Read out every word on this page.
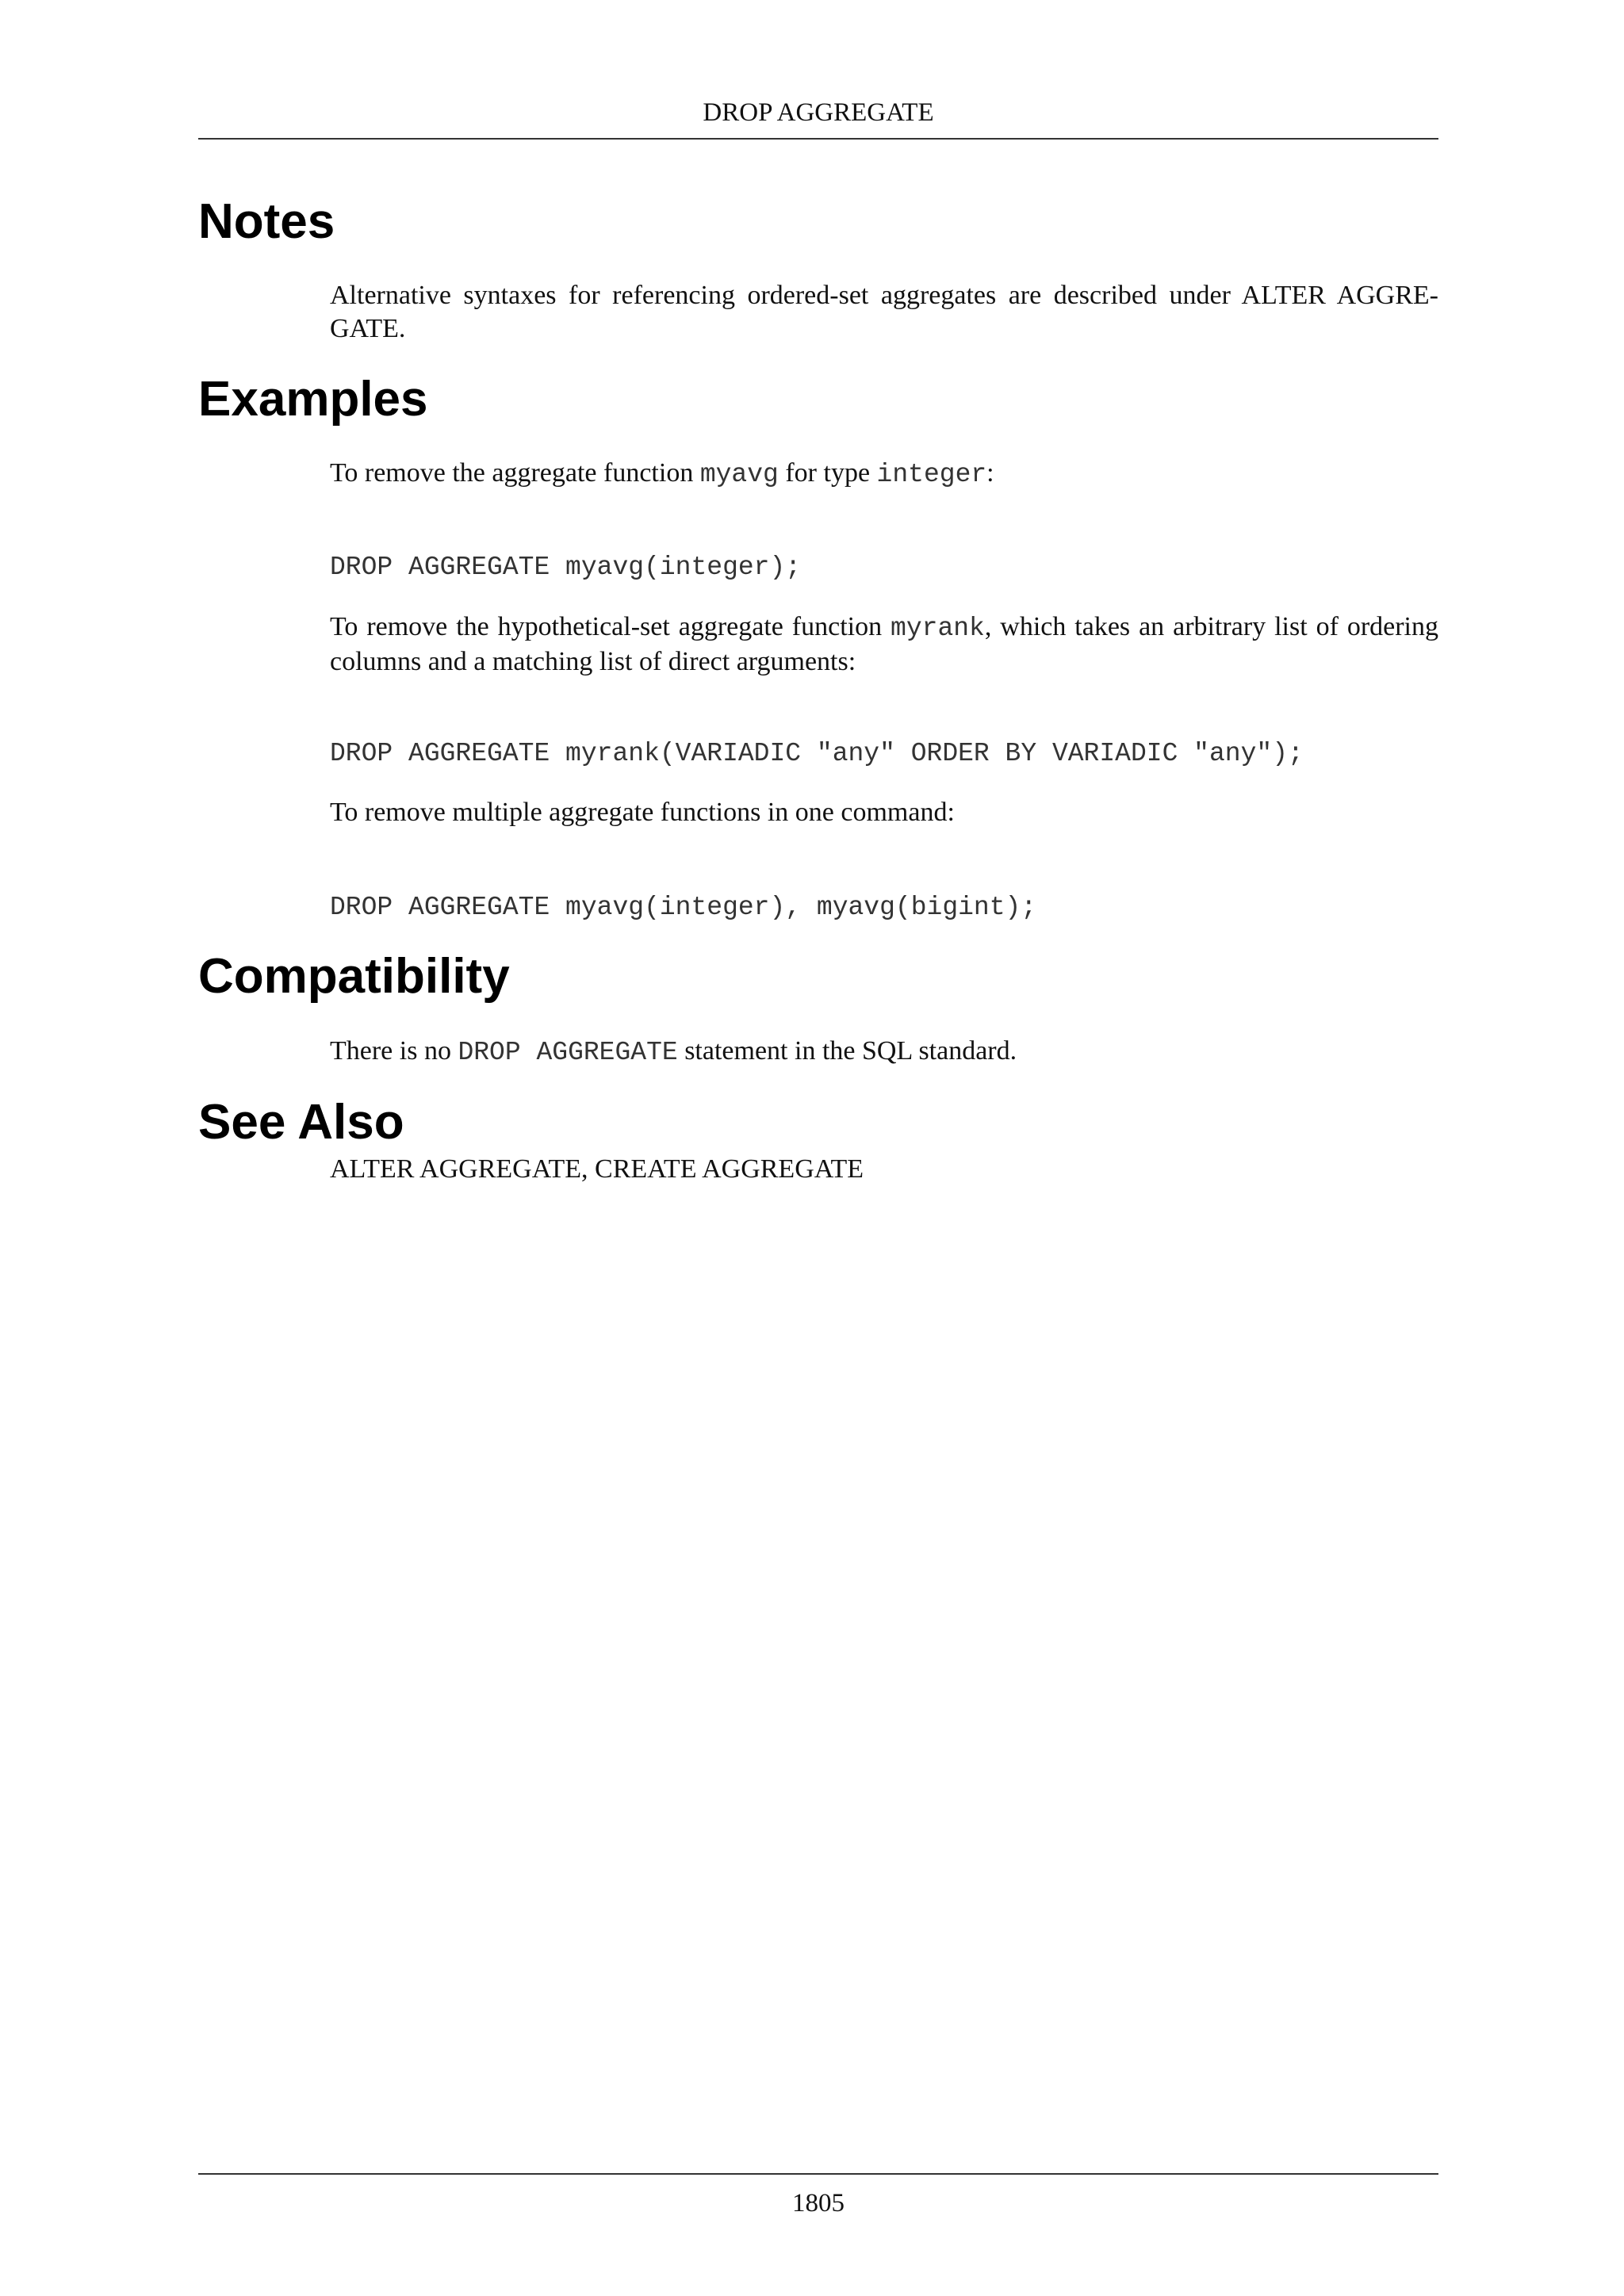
DROP AGGREGATE
Notes

Alternative syntaxes for referencing ordered-set aggregates are described under ALTER AGGRE-

GATE.

Examples

To remove the aggregate function myavg for type integer:

DROP AGGREGATE myavg(integer);

To remove the hypothetical-set aggregate function myrank, which takes an arbitrary list of ordering columns and a matching list of direct arguments:

DROP AGGREGATE myrank(VARIADIC "any" ORDER BY VARIADIC "any");

To remove multiple aggregate functions in one command:

DROP AGGREGATE myavg(integer), myavg(bigint);
Compatibility

There is no DROP AGGREGATE statement in the SQL standard.

See Also

ALTER AGGREGATE, CREATE AGGREGATE

1805
